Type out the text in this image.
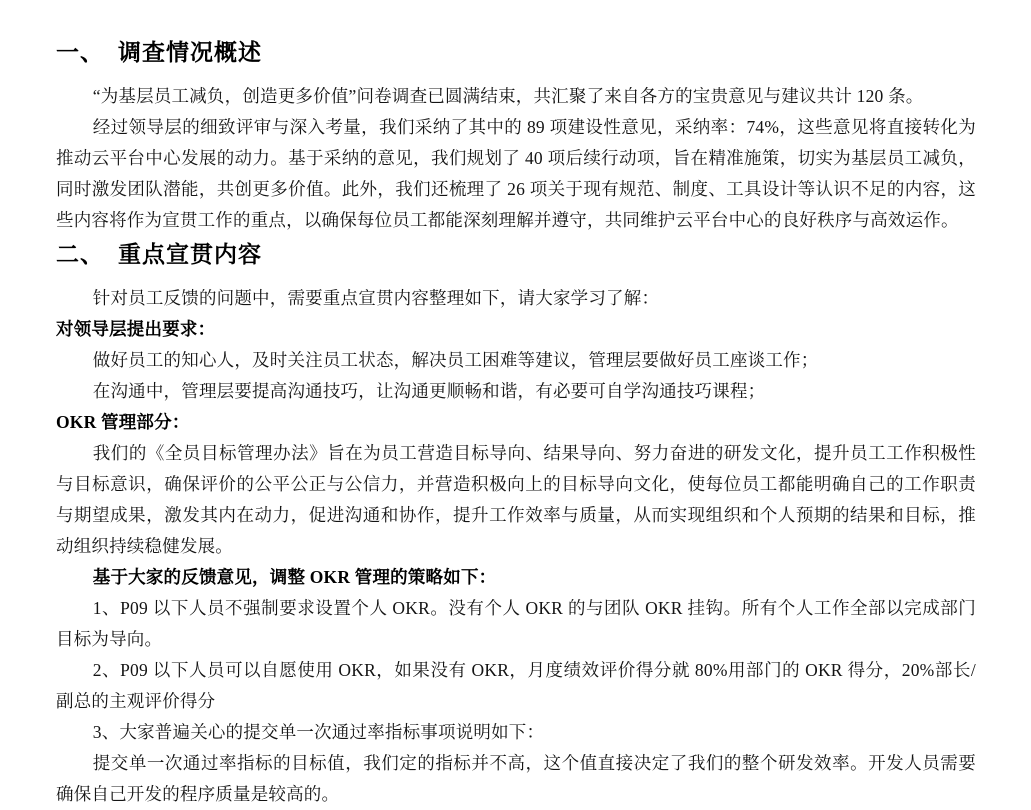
一、 调查情况概述

“为基层员工减负，创造更多价值”问卷调查已圆满结束，共汇聚了来自各方的宝贵意见与建议共计 120 条。

经过领导层的细致评审与深入考量，我们采纳了其中的 89 项建设性意见，采纳率：74%，这些意见将直接转化为推动云平台中心发展的动力。基于采纳的意见，我们规划了 40 项后续行动项，旨在精准施策，切实为基层员工减负，同时激发团队潜能，共创更多价值。此外，我们还梳理了 26 项关于现有规范、制度、工具设计等认识不足的内容，这些内容将作为宣贯工作的重点，以确保每位员工都能深刻理解并遵守，共同维护云平台中心的良好秩序与高效运作。

二、 重点宣贯内容

针对员工反馈的问题中，需要重点宣贯内容整理如下，请大家学习了解：

对领导层提出要求：

做好员工的知心人，及时关注员工状态，解决员工困难等建议，管理层要做好员工座谈工作；

在沟通中，管理层要提高沟通技巧，让沟通更顺畅和谐，有必要可自学沟通技巧课程；

OKR 管理部分：

我们的《全员目标管理办法》旨在为员工营造目标导向、结果导向、努力奋进的研发文化，提升员工工作积极性与目标意识，确保评价的公平公正与公信力，并营造积极向上的目标导向文化，使每位员工都能明确自己的工作职责与期望成果，激发其内在动力，促进沟通和协作，提升工作效率与质量，从而实现组织和个人预期的结果和目标，推动组织持续稳健发展。

基于大家的反馈意见，调整 OKR 管理的策略如下：

1、P09 以下人员不强制要求设置个人 OKR。没有个人 OKR 的与团队 OKR 挂钩。所有个人工作全部以完成部门目标为导向。

2、P09 以下人员可以自愿使用 OKR，如果没有 OKR，月度绩效评价得分就 80%用部门的 OKR 得分，20%部长/副总的主观评价得分

3、大家普遍关心的提交单一次通过率指标事项说明如下：

提交单一次通过率指标的目标值，我们定的指标并不高，这个值直接决定了我们的整个研发效率。开发人员需要确保自己开发的程序质量是较高的。
